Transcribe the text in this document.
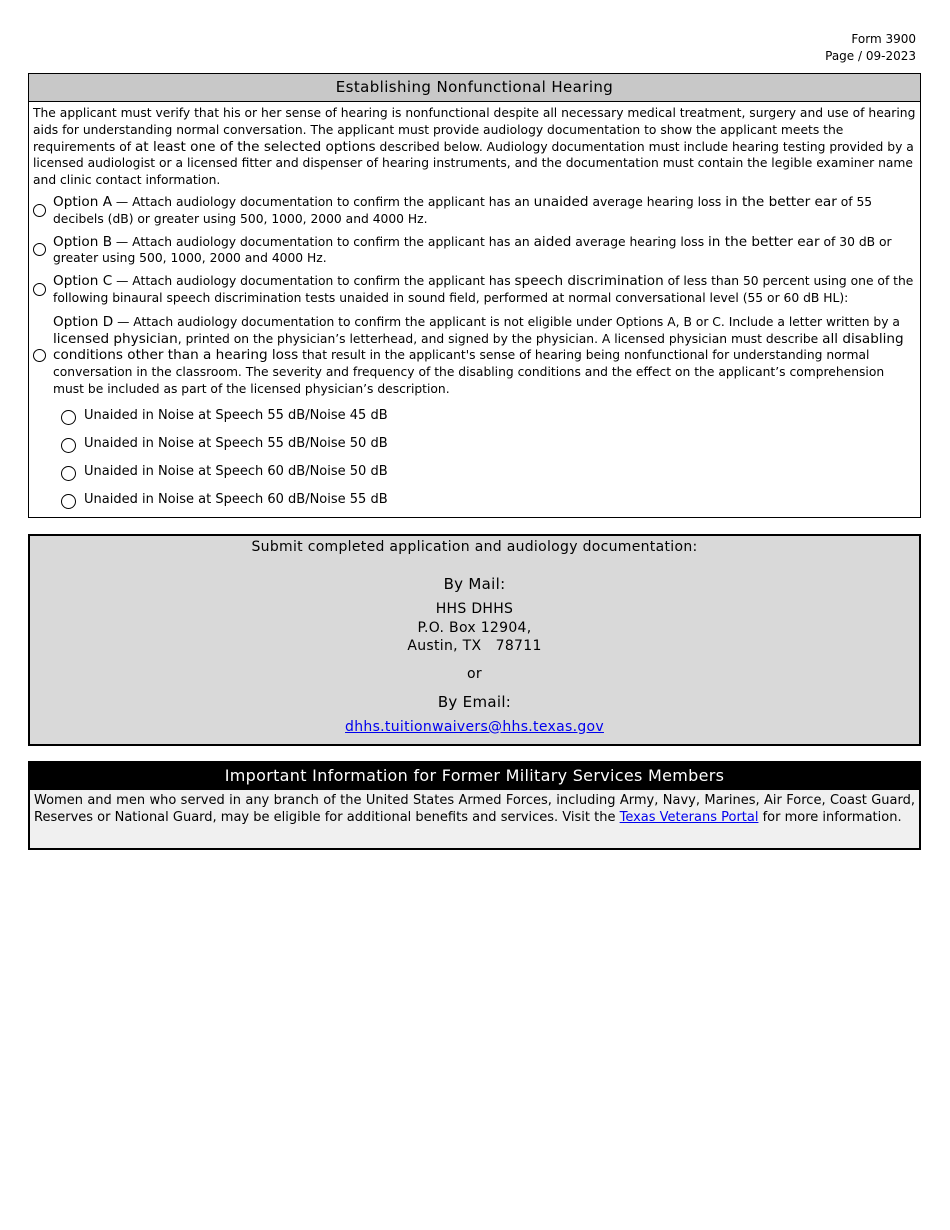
Form 3900
Page / 09-2023
Establishing Nonfunctional Hearing
The applicant must verify that his or her sense of hearing is nonfunctional despite all necessary medical treatment, surgery and use of hearing aids for understanding normal conversation. The applicant must provide audiology documentation to show the applicant meets the requirements of at least one of the selected options described below. Audiology documentation must include hearing testing provided by a licensed audiologist or a licensed fitter and dispenser of hearing instruments, and the documentation must contain the legible examiner name and clinic contact information.
Option A — Attach audiology documentation to confirm the applicant has an unaided average hearing loss in the better ear of 55 decibels (dB) or greater using 500, 1000, 2000 and 4000 Hz.
Option B — Attach audiology documentation to confirm the applicant has an aided average hearing loss in the better ear of 30 dB or greater using 500, 1000, 2000 and 4000 Hz.
Option C — Attach audiology documentation to confirm the applicant has speech discrimination of less than 50 percent using one of the following binaural speech discrimination tests unaided in sound field, performed at normal conversational level (55 or 60 dB HL):
Option D — Attach audiology documentation to confirm the applicant is not eligible under Options A, B or C. Include a letter written by a licensed physician, printed on the physician’s letterhead, and signed by the physician. A licensed physician must describe all disabling conditions other than a hearing loss that result in the applicant's sense of hearing being nonfunctional for understanding normal conversation in the classroom. The severity and frequency of the disabling conditions and the effect on the applicant’s comprehension must be included as part of the licensed physician’s description.
Unaided in Noise at Speech 55 dB/Noise 45 dB
Unaided in Noise at Speech 55 dB/Noise 50 dB
Unaided in Noise at Speech 60 dB/Noise 50 dB
Unaided in Noise at Speech 60 dB/Noise 55 dB
Submit completed application and audiology documentation:
By Mail:
HHS DHHS
P.O. Box 12904,
Austin, TX   78711
or
By Email:
dhhs.tuitionwaivers@hhs.texas.gov
Important Information for Former Military Services Members
Women and men who served in any branch of the United States Armed Forces, including Army, Navy, Marines, Air Force, Coast Guard, Reserves or National Guard, may be eligible for additional benefits and services. Visit the Texas Veterans Portal for more information.
